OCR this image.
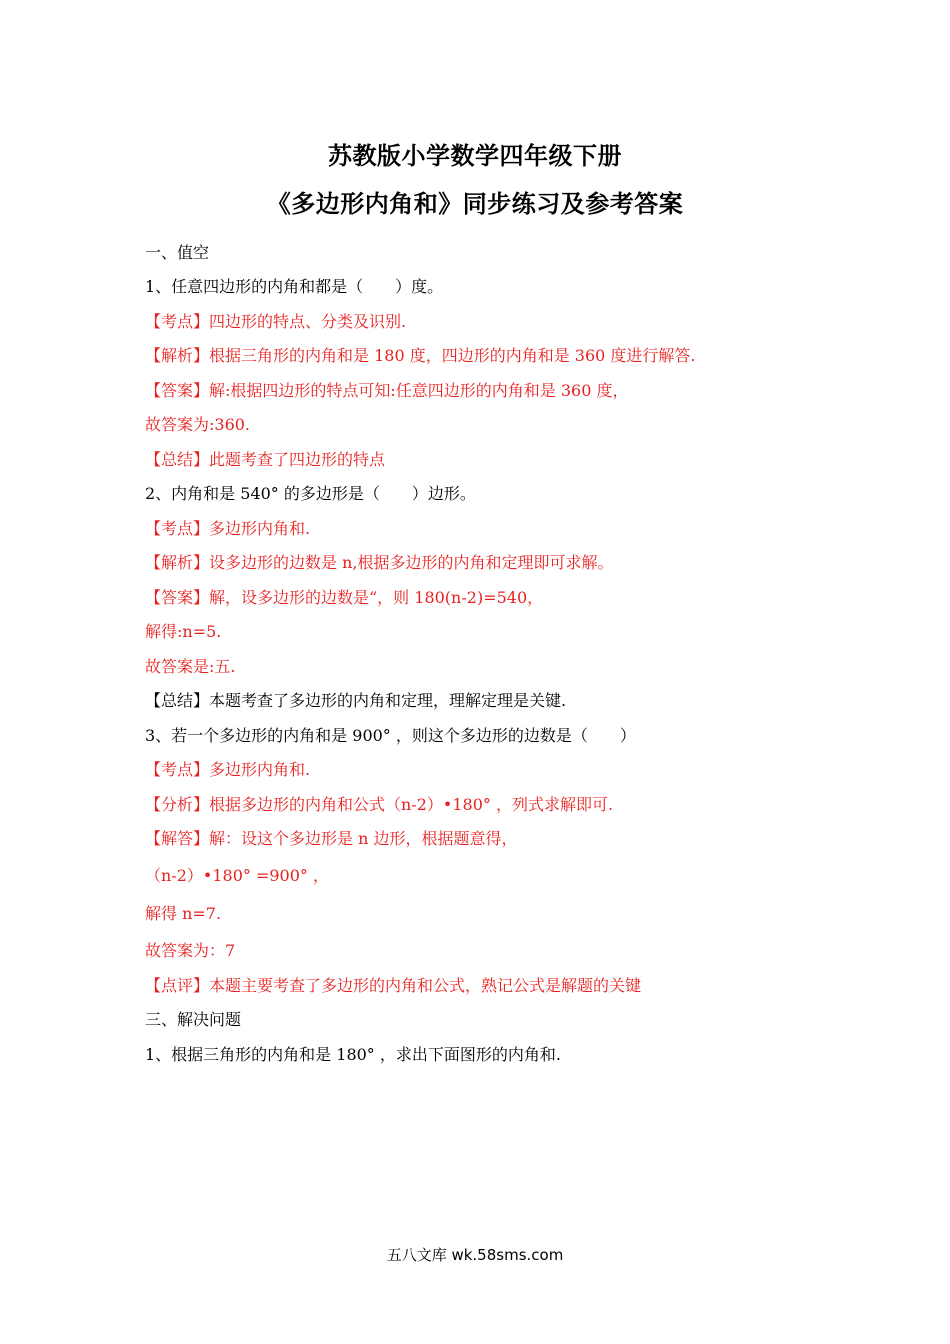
苏教版小学数学四年级下册
《多边形内角和》同步练习及参考答案
一、值空
1、任意四边形的内角和都是（　　）度。
【考点】四边形的特点、分类及识别.
【解析】根据三角形的内角和是 180 度，四边形的内角和是 360 度进行解答.
【答案】解:根据四边形的特点可知:任意四边形的内角和是 360 度，
故答案为:360.
【总结】此题考查了四边形的特点
2、内角和是 540° 的多边形是（　　）边形。
【考点】多边形内角和.
【解析】设多边形的边数是 n,根据多边形的内角和定理即可求解。
【答案】解，设多边形的边数是“，则 180(n-2)=540，
解得:n=5.
故答案是:五.
【总结】本题考查了多边形的内角和定理，理解定理是关键.
3、若一个多边形的内角和是 900° ，则这个多边形的边数是（　　）
【考点】多边形内角和.
【分析】根据多边形的内角和公式（n-2）•180° ，列式求解即可.
【解答】解：设这个多边形是 n 边形，根据题意得，
（n-2）•180° =900° ，
解得 n=7.
故答案为：7
【点评】本题主要考查了多边形的内角和公式，熟记公式是解题的关键
三、解决问题
1、根据三角形的内角和是 180° ，求出下面图形的内角和.
五八文库 wk.58sms.com
